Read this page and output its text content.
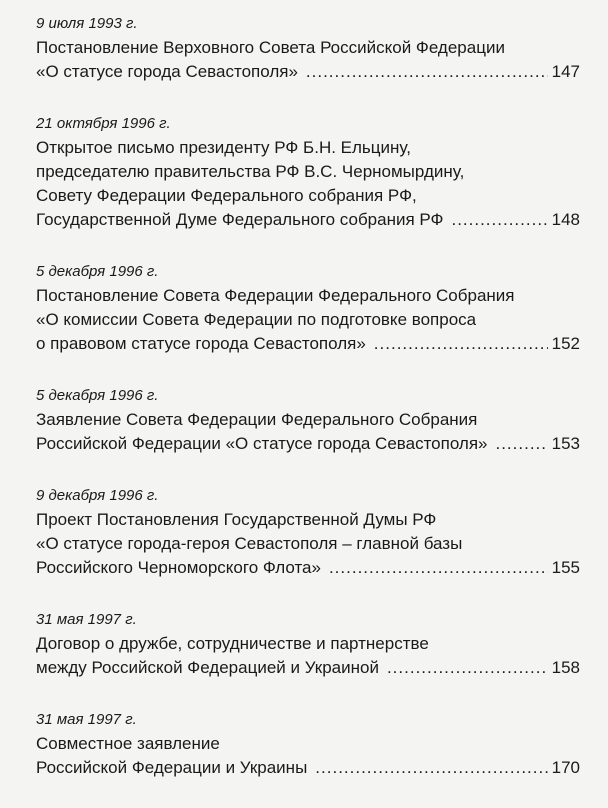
9 июля 1993 г.
Постановление Верховного Совета Российской Федерации
«О статусе города Севастополя» .....	147
21 октября 1996 г.
Открытое письмо президенту РФ Б.Н. Ельцину,
председателю правительства РФ В.С. Черномырдину,
Совету Федерации Федерального собрания РФ,
Государственной Думе Федерального собрания РФ .....	148
5 декабря 1996 г.
Постановление Совета Федерации Федерального Собрания
«О комиссии Совета Федерации по подготовке вопроса
о правовом статусе города Севастополя» .....	152
5 декабря 1996 г.
Заявление Совета Федерации Федерального Собрания
Российской Федерации «О статусе города Севастополя» .....	153
9 декабря 1996 г.
Проект Постановления Государственной Думы РФ
«О статусе города-героя Севастополя – главной базы
Российского Черноморского Флота» .....	155
31 мая 1997 г.
Договор о дружбе, сотрудничестве и партнерстве
между Российской Федерацией и Украиной .....	158
31 мая 1997 г.
Совместное заявление
Российской Федерации и Украины .....	170
